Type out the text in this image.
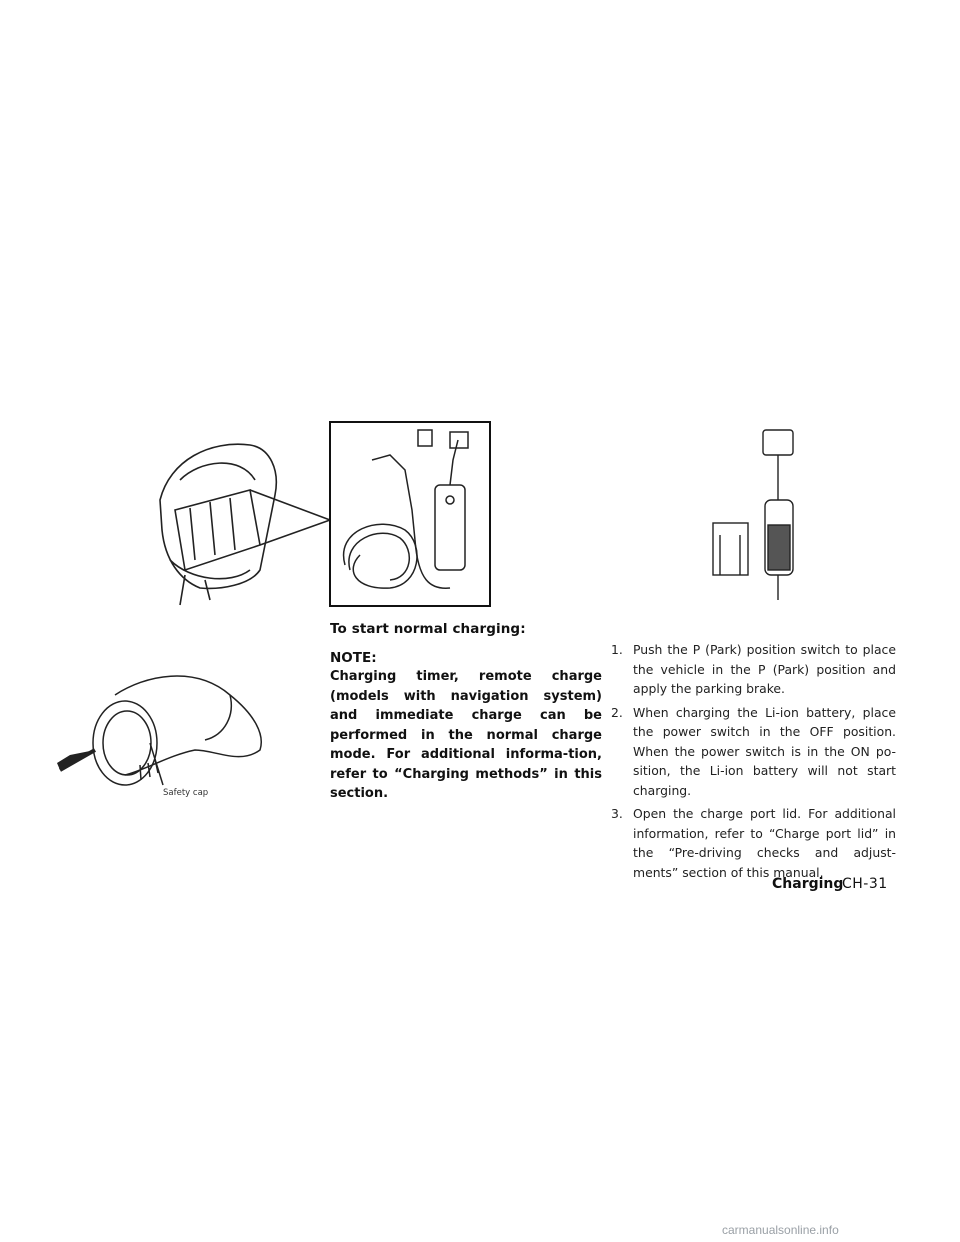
Safety cap
To start normal charging:
NOTE:
Charging timer, remote charge (models with navigation system) and immediate charge can be performed in the normal charge mode. For additional informa-tion, refer to “Charging methods” in this section.
1. Push the P (Park) position switch to place the vehicle in the P (Park) position and apply the parking brake.
2. When charging the Li-ion battery, place the power switch in the OFF position. When the power switch is in the ON po-sition, the Li-ion battery will not start charging.
3. Open the charge port lid. For additional information, refer to “Charge port lid” in the “Pre-driving checks and adjust-ments” section of this manual.
Charging
CH-31
carmanualsonline.info
